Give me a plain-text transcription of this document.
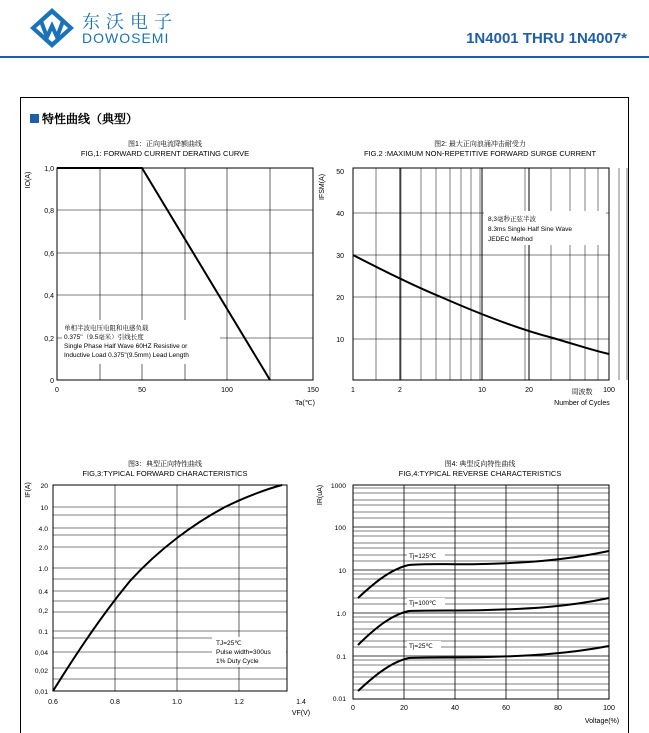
东沃电子
DOWOSEMI	1N4001 THRU 1N4007*
特性曲线（典型）
图1：正向电流降额曲线
FIG,1: FORWARD CURRENT DERATING CURVE
IO(A)
1,0
0,8
0,6
0,4
0,2
0
0	50	100	150
Ta(℃)
单相半波电压电阻和电感负载
0.375''（9.5毫米）引线长度
Single Phase Half Wave 60HZ Resistive or
Inductive Load 0.375"(9.5mm) Lead Length
图2: 最大正向浪涌冲击耐受力
FIG.2 :MAXIMUM NON-REPETITIVE FORWARD SURGE CURRENT
IFSM(A)
50
40
30
20
10
1	2	10	20	100
周波数
Number of Cycles
8,3毫秒正弦半波
8.3ms Single Half Sine Wave
JEDEC Method
图3：典型正向特性曲线
FIG,3:TYPICAL FORWARD CHARACTERISTICS
IF(A) 20
10
4.0
2.0
1.0
0.4
0,2
0.1
0,04
0,02
0,01
0.6	0.8	1.0	1.2	1.4
VF(V)
TJ=25℃
Pulse width=300us
1% Duty Cycle
图4: 典型反向特性曲线
FIG,4:TYPICAL REVERSE CHARACTERISTICS
IR(uA)
Tj=125℃
Tj=100℃
Tj=25℃
1000
100
10
1.0
0.1
0.01
0	20	40	60	80	100
Voltage(%)
